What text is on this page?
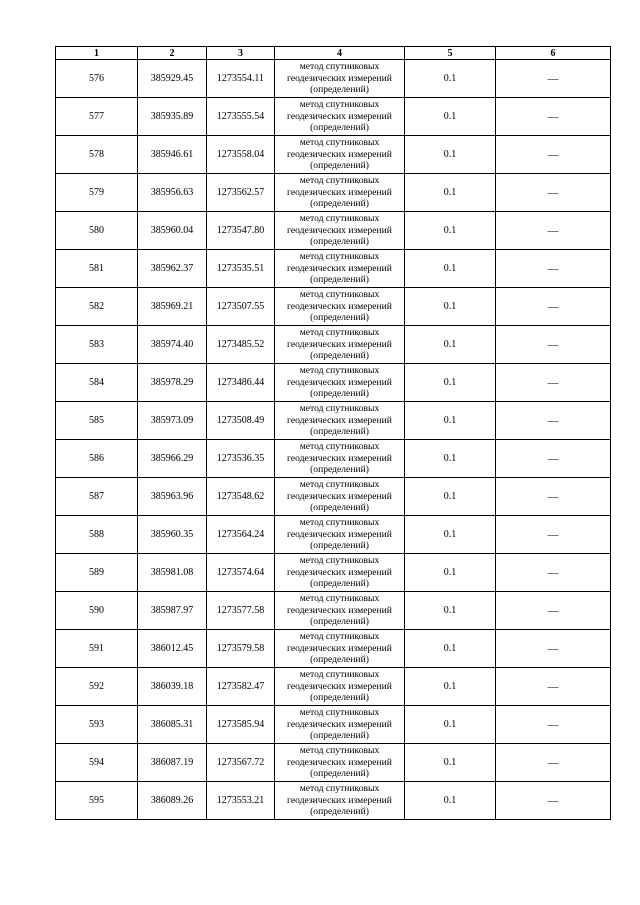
1	2	3	4	5	6
576	385929.45	1273554.11	метод спутниковых геодезических измерений (определений)	0.1	—
577	385935.89	1273555.54	метод спутниковых геодезических измерений (определений)	0.1	—
578	385946.61	1273558.04	метод спутниковых геодезических измерений (определений)	0.1	—
579	385956.63	1273562.57	метод спутниковых геодезических измерений (определений)	0.1	—
580	385960.04	1273547.80	метод спутниковых геодезических измерений (определений)	0.1	—
581	385962.37	1273535.51	метод спутниковых геодезических измерений (определений)	0.1	—
582	385969.21	1273507.55	метод спутниковых геодезических измерений (определений)	0.1	—
583	385974.40	1273485.52	метод спутниковых геодезических измерений (определений)	0.1	—
584	385978.29	1273486.44	метод спутниковых геодезических измерений (определений)	0.1	—
585	385973.09	1273508.49	метод спутниковых геодезических измерений (определений)	0.1	—
586	385966.29	1273536.35	метод спутниковых геодезических измерений (определений)	0.1	—
587	385963.96	1273548.62	метод спутниковых геодезических измерений (определений)	0.1	—
588	385960.35	1273564.24	метод спутниковых геодезических измерений (определений)	0.1	—
589	385981.08	1273574.64	метод спутниковых геодезических измерений (определений)	0.1	—
590	385987.97	1273577.58	метод спутниковых геодезических измерений (определений)	0.1	—
591	386012.45	1273579.58	метод спутниковых геодезических измерений (определений)	0.1	—
592	386039.18	1273582.47	метод спутниковых геодезических измерений (определений)	0.1	—
593	386085.31	1273585.94	метод спутниковых геодезических измерений (определений)	0.1	—
594	386087.19	1273567.72	метод спутниковых геодезических измерений (определений)	0.1	—
595	386089.26	1273553.21	метод спутниковых геодезических измерений (определений)	0.1	—
